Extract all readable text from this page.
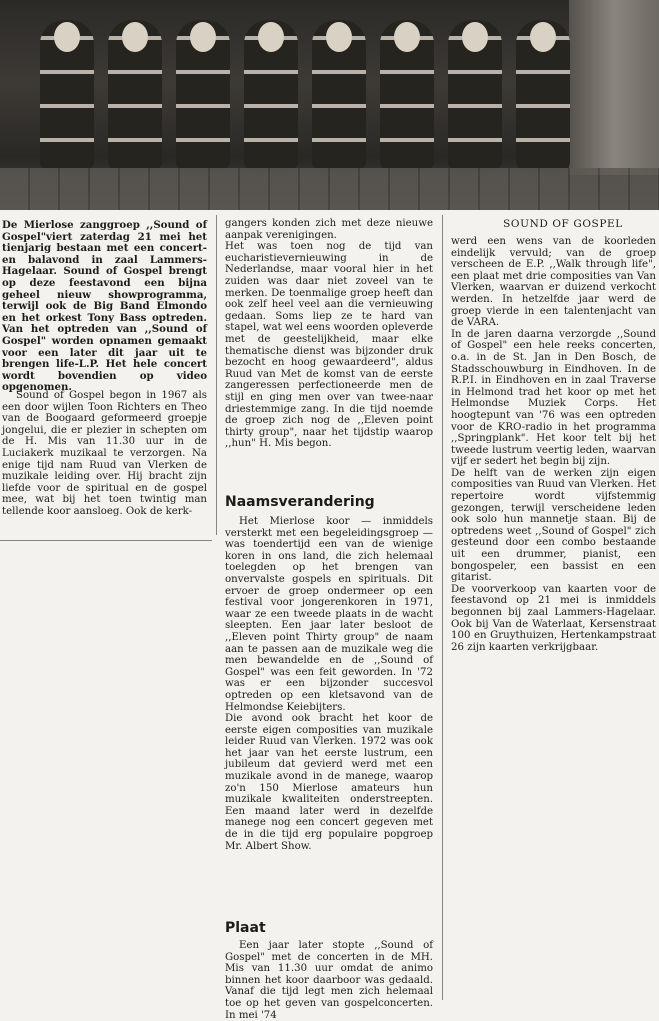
SOUND OF GOSPEL
De Mierlose zanggroep ,,Sound of Gospel"viert zaterdag 21 mei het tienjarig bestaan met een concert-en balavond in zaal Lammers-Hagelaar. Sound of Gospel brengt op deze feestavond een bijna geheel nieuw showprogramma, terwijl ook de Big Band Elmondo en het orkest Tony Bass optreden. Van het optreden van ,,Sound of Gospel" worden opnamen gemaakt voor een later dit jaar uit te brengen life-L.P. Het hele concert wordt bovendien op video opgenomen.
Sound of Gospel begon in 1967 als een door wijlen Toon Richters en Theo van de Boogaard geformeerd groepje jongelui, die er plezier in schepten om de H. Mis van 11.30 uur in de Luciakerk muzikaal te verzorgen. Na enige tijd nam Ruud van Vlerken de muzikale leiding over. Hij bracht zijn liefde voor de spiritual en de gospel mee, wat bij het toen twintig man tellende koor aansloeg. Ook de kerk-
gangers konden zich met deze nieuwe aanpak verenigingen.
Het was toen nog de tijd van eucharistievernieuwing in de Nederlandse, maar vooral hier in het zuiden was daar niet zoveel van te merken. De toenmalige groep heeft dan ook zelf heel veel aan die vernieuwing gedaan. Soms liep ze te hard van stapel, wat wel eens woorden opleverde met de geestelijkheid, maar elke thematische dienst was bijzonder druk bezocht en hoog gewaardeerd", aldus Ruud van Met de komst van de eerste zangeressen perfectioneerde men de stijl en ging men over van twee-naar driestemmige zang. In die tijd noemde de groep zich nog de ,,Eleven point thirty group", naar het tijdstip waarop ,,hun" H. Mis begon.
Naamsverandering
Het Mierlose koor — inmiddels versterkt met een begeleidingsgroep — was toendertijd een van de wienige koren in ons land, die zich helemaal toelegden op het brengen van onvervalste gospels en spirituals. Dit ervoer de groep ondermeer op een festival voor jongerenkoren in 1971, waar ze een tweede plaats in de wacht sleepten. Een jaar later besloot de ,,Eleven point Thirty group" de naam aan te passen aan de muzikale weg die men bewandelde en de ,,Sound of Gospel" was een feit geworden. In '72 was er een bijzonder succesvol optreden op een kletsavond van de Helmondse Keiebijters.
Die avond ook bracht het koor de eerste eigen composities van muzikale leider Ruud van Vlerken. 1972 was ook het jaar van het eerste lustrum, een jubileum dat gevierd werd met een muzikale avond in de manege, waarop zo'n 150 Mierlose amateurs hun muzikale kwaliteiten onderstreepten. Een maand later werd in dezelfde manege nog een concert gegeven met de in die tijd erg populaire popgroep Mr. Albert Show.
Plaat
Een jaar later stopte ,,Sound of Gospel" met de concerten in de MH. Mis van 11.30 uur omdat de animo binnen het koor daarboor was gedaald. Vanaf die tijd legt men zich helemaal toe op het geven van gospelconcerten. In mei '74
werd een wens van de koorleden eindelijk vervuld; van de groep verscheen de E.P. ,,Walk through life", een plaat met drie composities van Van Vlerken, waarvan er duizend verkocht werden. In hetzelfde jaar werd de groep vierde in een talentenjacht van de VARA.
In de jaren daarna verzorgde ,,Sound of Gospel" een hele reeks concerten, o.a. in de St. Jan in Den Bosch, de Stadsschouwburg in Eindhoven. In de R.P.I. in Eindhoven en in zaal Traverse in Helmond trad het koor op met het Helmondse Muziek Corps. Het hoogtepunt van '76 was een optreden voor de KRO-radio in het programma ,,Springplank". Het koor telt bij het tweede lustrum veertig leden, waarvan vijf er sedert het begin bij zijn.
De helft van de werken zijn eigen composities van Ruud van Vlerken. Het repertoire wordt vijfstemmig gezongen, terwijl verscheidene leden ook solo hun mannetje staan. Bij de optredens weet ,,Sound of Gospel" zich gesteund door een combo bestaande uit een drummer, pianist, een bongospeler, een bassist en een gitarist.
De voorverkoop van kaarten voor de feestavond op 21 mei is inmiddels begonnen bij zaal Lammers-Hagelaar. Ook bij Van de Waterlaat, Kersenstraat 100 en Gruythuizen, Hertenkampstraat 26 zijn kaarten verkrijgbaar.
